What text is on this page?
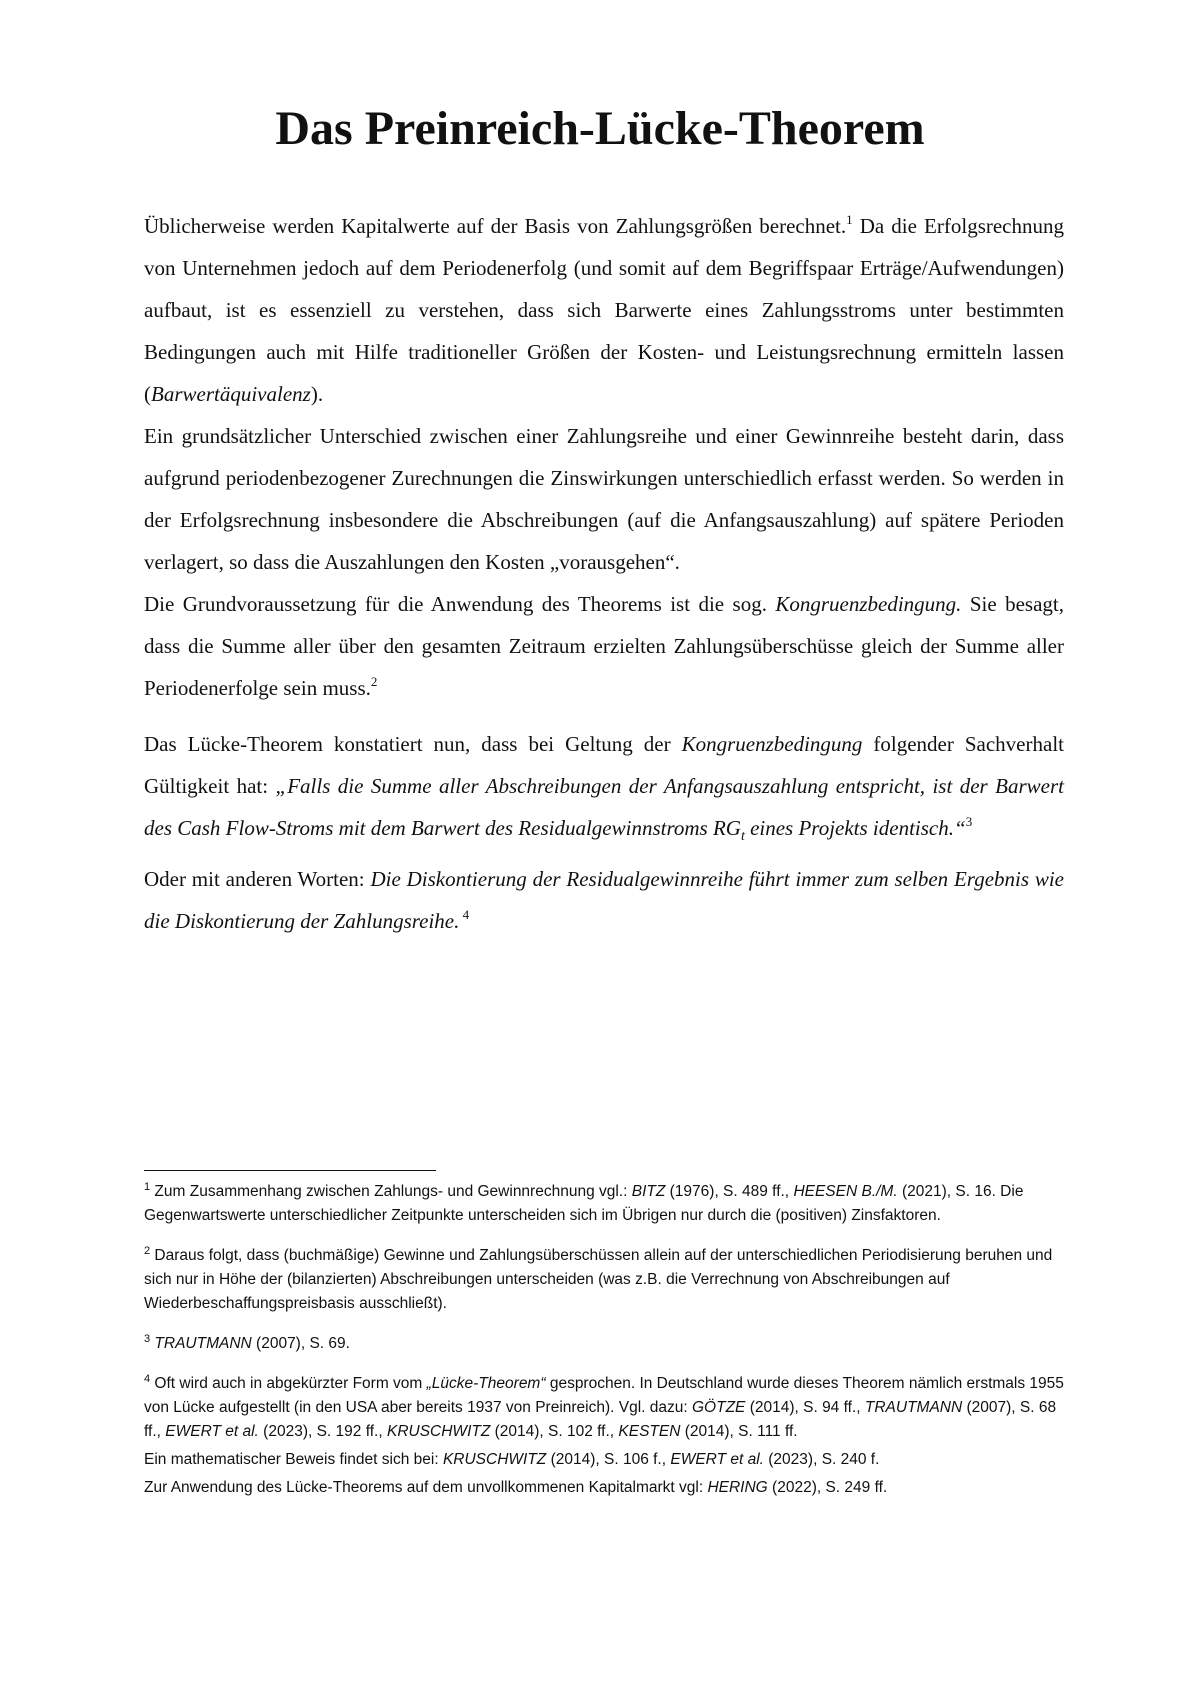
Das Preinreich-Lücke-Theorem

Üblicherweise werden Kapitalwerte auf der Basis von Zahlungsgrößen berechnet.$^1$ Da die Erfolgsrechnung von Unternehmen jedoch auf dem Periodenerfolg (und somit auf dem Begriffspaar Erträge/Aufwendungen) aufbaut, ist es essenziell zu verstehen, dass sich Barwerte eines Zahlungsstroms unter bestimmten Bedingungen auch mit Hilfe traditioneller Größen der Kosten- und Leistungsrechnung ermitteln lassen (Barwertäquivalenz).

Ein grundsätzlicher Unterschied zwischen einer Zahlungsreihe und einer Gewinnreihe besteht darin, dass aufgrund periodenbezogener Zurechnungen die Zinswirkungen unterschiedlich erfasst werden. So werden in der Erfolgsrechnung insbesondere die Abschreibungen (auf die Anfangsauszahlung) auf spätere Perioden verlagert, so dass die Auszahlungen den Kosten „vorausgehen“.

Die Grundvoraussetzung für die Anwendung des Theorems ist die sog. Kongruenzbedingung. Sie besagt, dass die Summe aller über den gesamten Zeitraum erzielten Zahlungsüberschüsse gleich der Summe aller Periodenerfolge sein muss.$^2$

Das Lücke-Theorem konstatiert nun, dass bei Geltung der Kongruenzbedingung folgender Sachverhalt Gültigkeit hat: „Falls die Summe aller Abschreibungen der Anfangsauszahlung entspricht, ist der Barwert des Cash Flow-Stroms mit dem Barwert des Residualgewinnstroms $RG_t$ eines Projekts identisch.“$^3$

Oder mit anderen Worten: Die Diskontierung der Residualgewinnreihe führt immer zum selben Ergebnis wie die Diskontierung der Zahlungsreihe. $^4$

$^1$ Zum Zusammenhang zwischen Zahlungs- und Gewinnrechnung vgl.: BITZ (1976), S. 489 ff., HEESEN B./M. (2021), S. 16. Die Gegenwartswerte unterschiedlicher Zeitpunkte unterscheiden sich im Übrigen nur durch die (positiven) Zinsfaktoren.

$^2$ Daraus folgt, dass (buchmäßige) Gewinne und Zahlungsüberschüssen allein auf der unterschiedlichen Periodisierung beruhen und sich nur in Höhe der (bilanzierten) Abschreibungen unterscheiden (was z.B. die Verrechnung von Abschreibungen auf Wiederbeschaffungspreisbasis ausschließt).

$^3$ TRAUTMANN (2007), S. 69.

$^4$ Oft wird auch in abgekürzter Form vom „Lücke-Theorem“ gesprochen. In Deutschland wurde dieses Theorem nämlich erstmals 1955 von Lücke aufgestellt (in den USA aber bereits 1937 von Preinreich). Vgl. dazu: GÖTZE (2014), S. 94 ff., TRAUTMANN (2007), S. 68 ff., EWERT et al. (2023), S. 192 ff., KRUSCHWITZ (2014), S. 102 ff., KESTEN (2014), S. 111 ff.

Ein mathematischer Beweis findet sich bei: KRUSCHWITZ (2014), S. 106 f., EWERT et al. (2023), S. 240 f.

Zur Anwendung des Lücke-Theorems auf dem unvollkommenen Kapitalmarkt vgl: HERING (2022), S. 249 ff.
